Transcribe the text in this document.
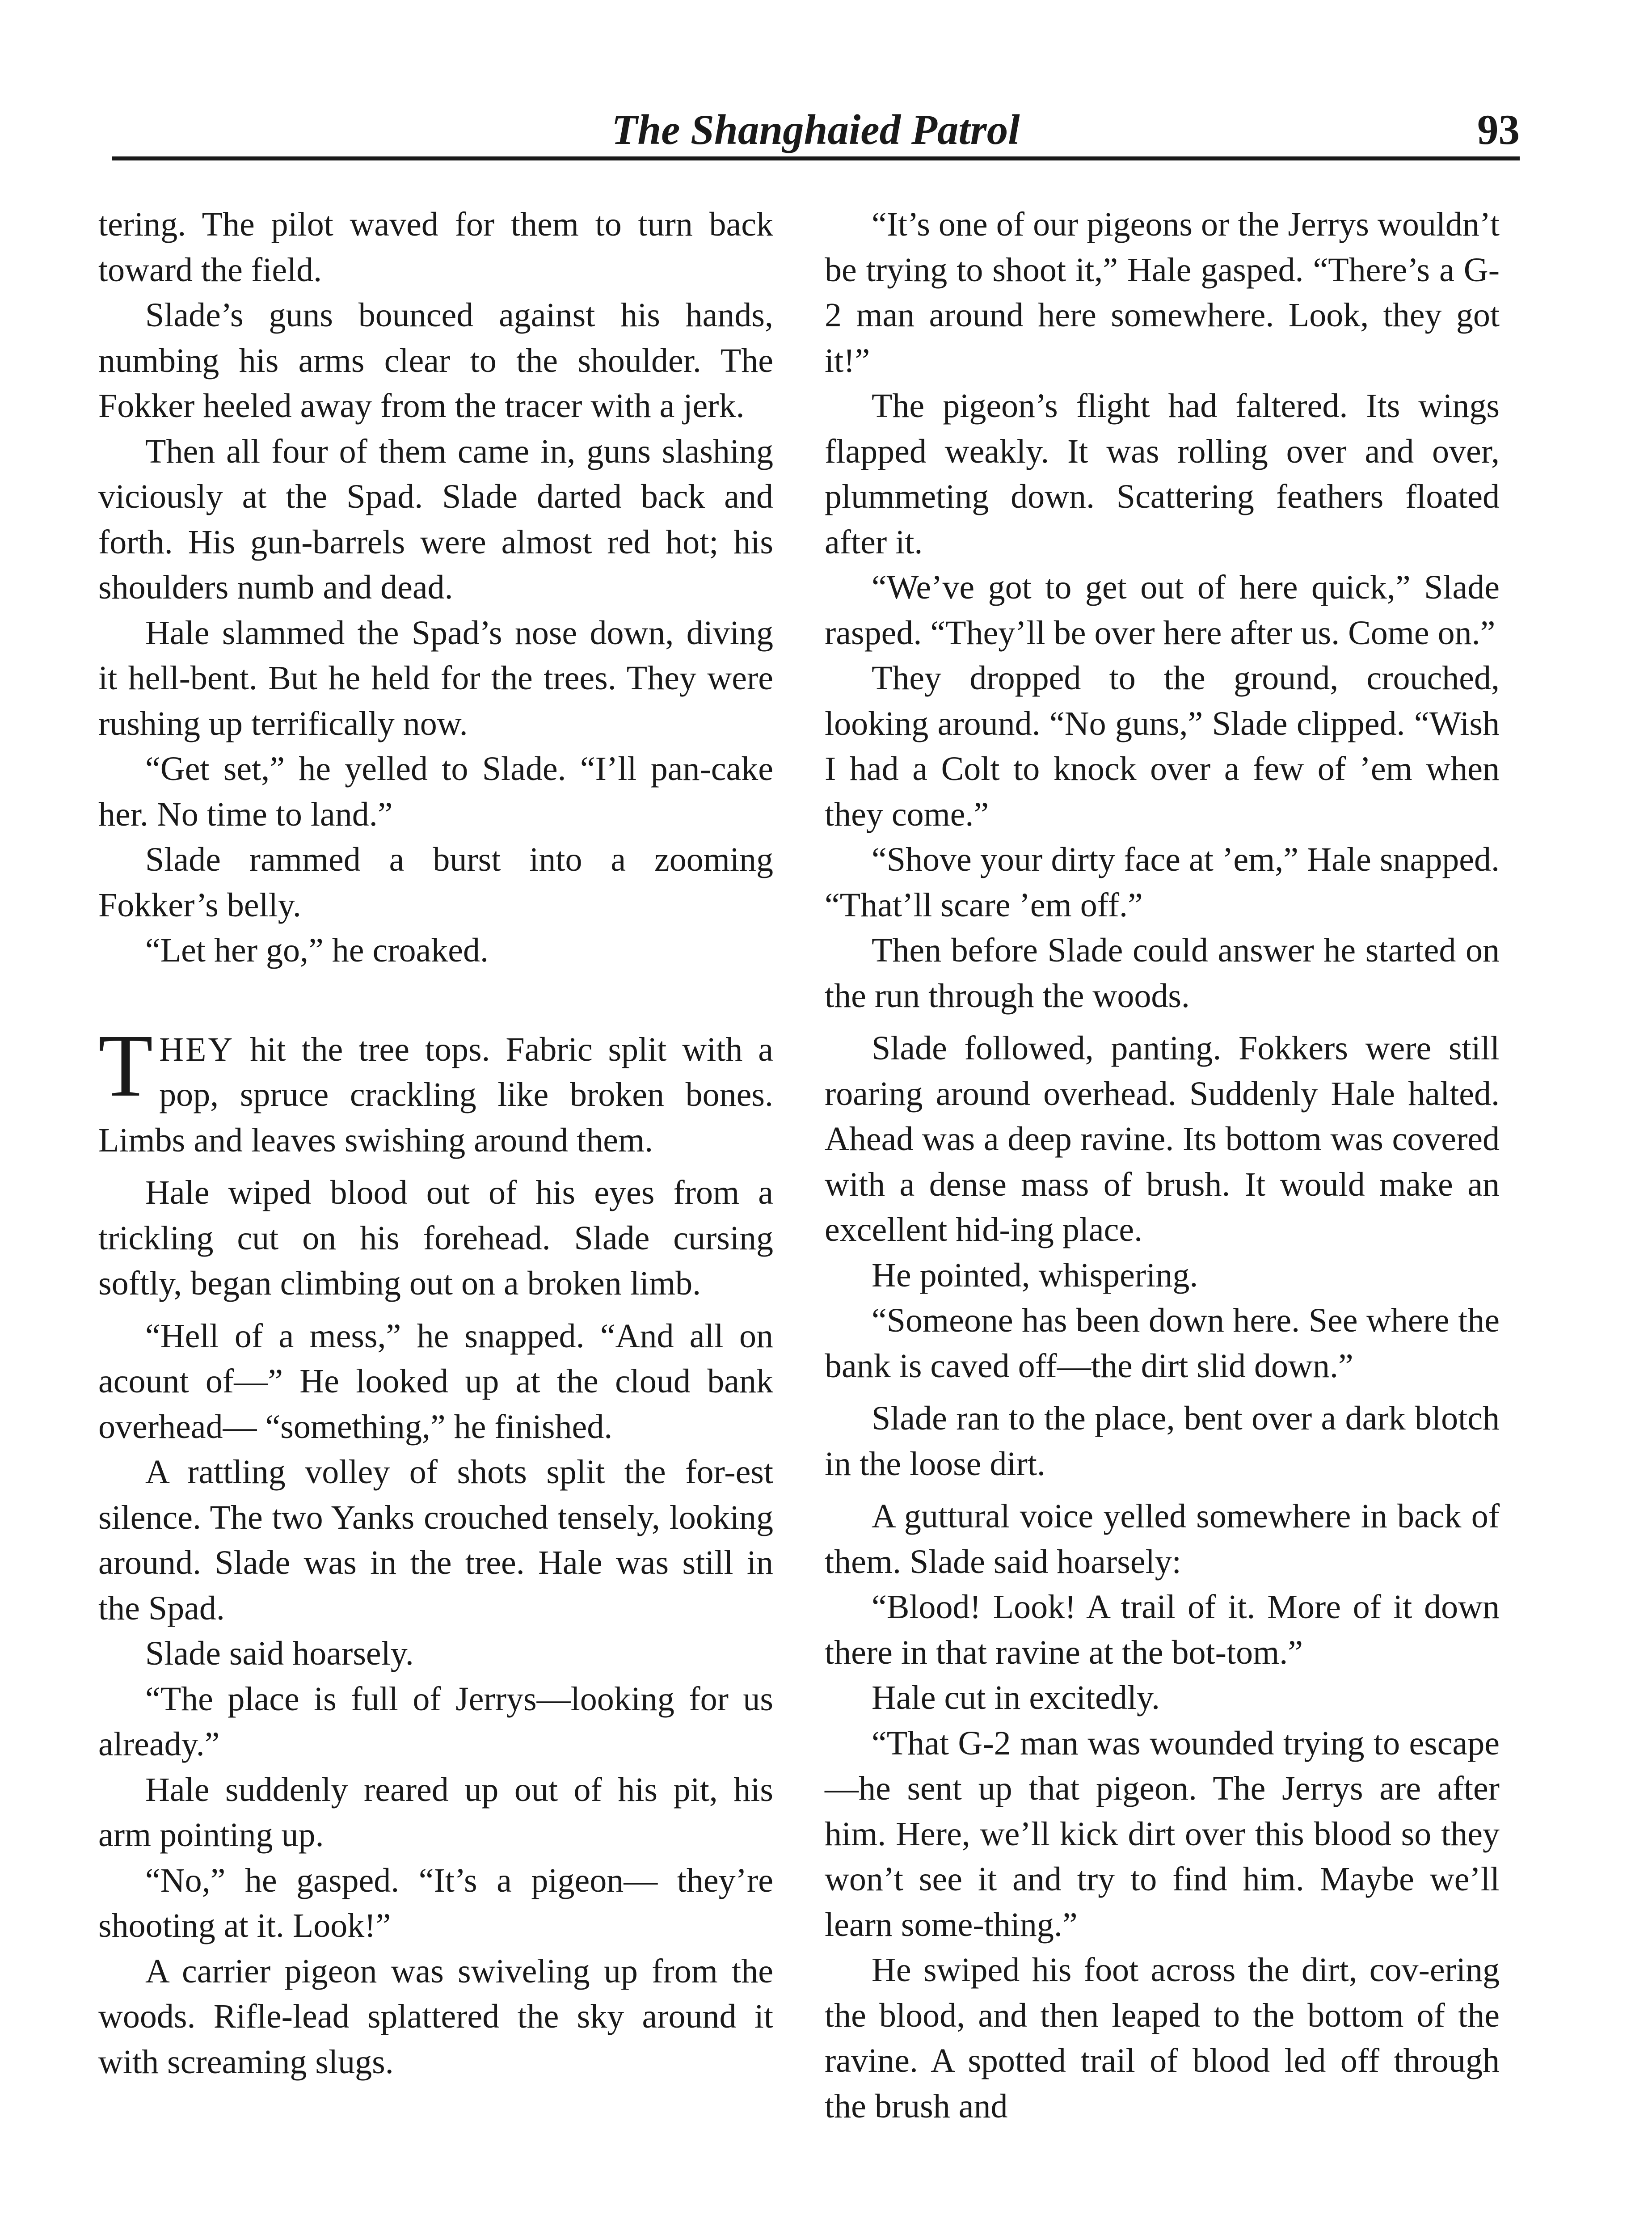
The Shanghaied Patrol	93

tering. The pilot waved for them to turn back toward the field.

Slade’s guns bounced against his hands, numbing his arms clear to the shoulder. The Fokker heeled away from the tracer with a jerk.

Then all four of them came in, guns slashing viciously at the Spad. Slade darted back and forth. His gun-barrels were almost red hot; his shoulders numb and dead.

Hale slammed the Spad’s nose down, diving it hell-bent. But he held for the trees. They were rushing up terrifically now.

“Get set,” he yelled to Slade. “I’ll pan-cake her. No time to land.”

Slade rammed a burst into a zooming Fokker’s belly.

“Let her go,” he croaked.

THEY hit the tree tops. Fabric split with a pop, spruce crackling like broken bones. Limbs and leaves swishing around them.

Hale wiped blood out of his eyes from a trickling cut on his forehead. Slade cursing softly, began climbing out on a broken limb.

“Hell of a mess,” he snapped. “And all on acount of—” He looked up at the cloud bank overhead— “something,” he finished.

A rattling volley of shots split the for-est silence. The two Yanks crouched tensely, looking around. Slade was in the tree. Hale was still in the Spad.

Slade said hoarsely.

“The place is full of Jerrys—looking for us already.”

Hale suddenly reared up out of his pit, his arm pointing up.

“No,” he gasped. “It’s a pigeon— they’re shooting at it. Look!”

A carrier pigeon was swiveling up from the woods. Rifle-lead splattered the sky around it with screaming slugs.

“It’s one of our pigeons or the Jerrys wouldn’t be trying to shoot it,” Hale gasped. “There’s a G-2 man around here somewhere. Look, they got it!”

The pigeon’s flight had faltered. Its wings flapped weakly. It was rolling over and over, plummeting down. Scattering feathers floated after it.

“We’ve got to get out of here quick,” Slade rasped. “They’ll be over here after us. Come on.”

They dropped to the ground, crouched, looking around. “No guns,” Slade clipped. “Wish I had a Colt to knock over a few of ’em when they come.”

“Shove your dirty face at ’em,” Hale snapped. “That’ll scare ’em off.”

Then before Slade could answer he started on the run through the woods.

Slade followed, panting. Fokkers were still roaring around overhead. Suddenly Hale halted. Ahead was a deep ravine. Its bottom was covered with a dense mass of brush. It would make an excellent hid-ing place.

He pointed, whispering.

“Someone has been down here. See where the bank is caved off—the dirt slid down.”

Slade ran to the place, bent over a dark blotch in the loose dirt.

A guttural voice yelled somewhere in back of them. Slade said hoarsely:

“Blood! Look! A trail of it. More of it down there in that ravine at the bot-tom.”

Hale cut in excitedly.

“That G-2 man was wounded trying to escape—he sent up that pigeon. The Jerrys are after him. Here, we’ll kick dirt over this blood so they won’t see it and try to find him. Maybe we’ll learn some-thing.”

He swiped his foot across the dirt, cov-ering the blood, and then leaped to the bottom of the ravine. A spotted trail of blood led off through the brush and
